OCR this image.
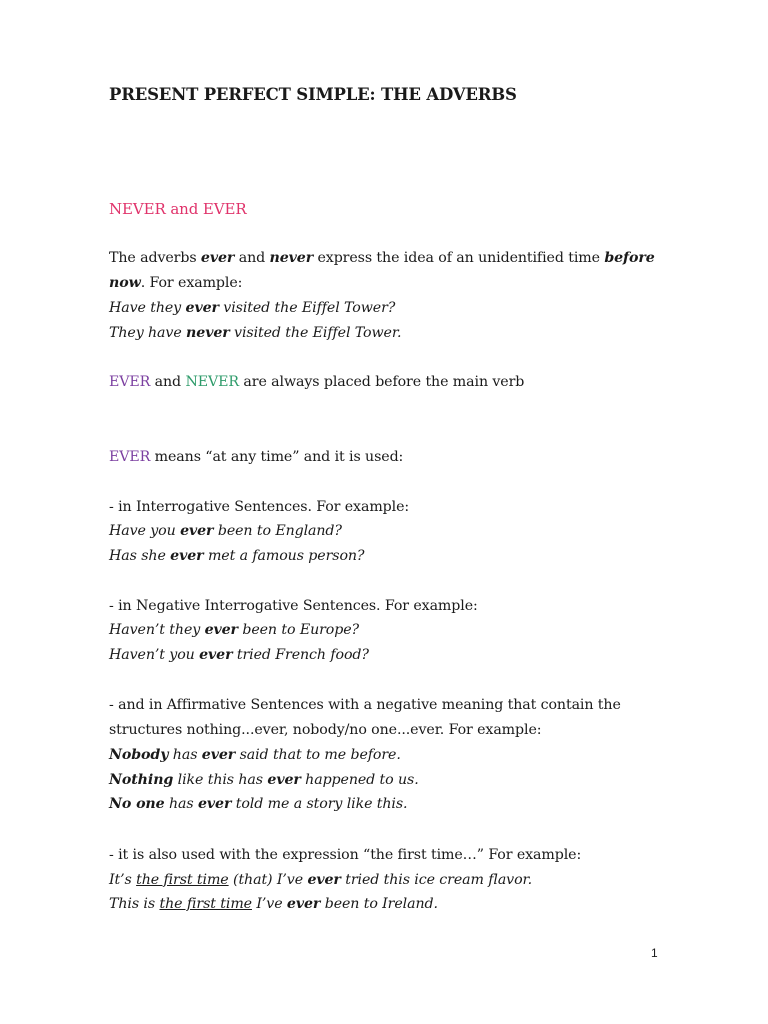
PRESENT PERFECT SIMPLE: THE ADVERBS
NEVER and EVER
The adverbs ever and never express the idea of an unidentified time before
now. For example:
Have they ever visited the Eiffel Tower?
They have never visited the Eiffel Tower.
EVER and NEVER are always placed before the main verb
EVER means “at any time” and it is used:
- in Interrogative Sentences. For example:
Have you ever been to England?
Has she ever met a famous person?
- in Negative Interrogative Sentences. For example:
Haven’t they ever been to Europe?
Haven’t you ever tried French food?
- and in Affirmative Sentences with a negative meaning that contain the
structures nothing...ever, nobody/no one...ever. For example:
Nobody has ever said that to me before.
Nothing like this has ever happened to us.
No one has ever told me a story like this.
- it is also used with the expression “the first time…” For example:
It’s the first time (that) I’ve ever tried this ice cream flavor.
This is the first time I’ve ever been to Ireland.
1
